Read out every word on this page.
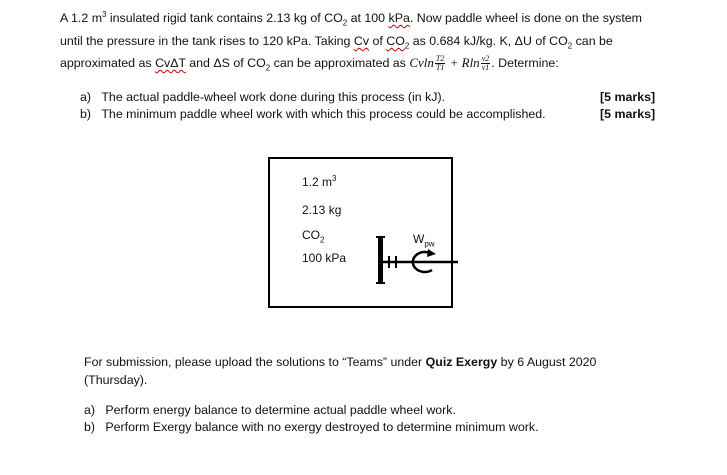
A 1.2 $m^3$ insulated rigid tank contains 2.13 kg of $CO_2$ at 100 kPa. Now paddle wheel is done on the system
until the pressure in the tank rises to 120 kPa. Taking Cv of $CO_2$ as 0.684 kJ/kg. K, ΔU of $CO_2$ can be
approximated as CvΔT and ΔS of $CO_2$ can be approximated as Cvln $\frac{T2}{T1} + Rln \frac{v2}{v1}$ . Determine:
a) The actual paddle-wheel work done during this process (in kJ).	[5 marks]
b) The minimum paddle wheel work with which this process could be accomplished.	[5 marks]
1.2 $m^3$
2.13 kg
$CO_2$
100 kPa
$W_{pw}$
For submission, please upload the solutions to “Teams” under Quiz Exergy by 6 August 2020
(Thursday).
a) Perform energy balance to determine actual paddle wheel work.
b) Perform Exergy balance with no exergy destroyed to determine minimum work.
